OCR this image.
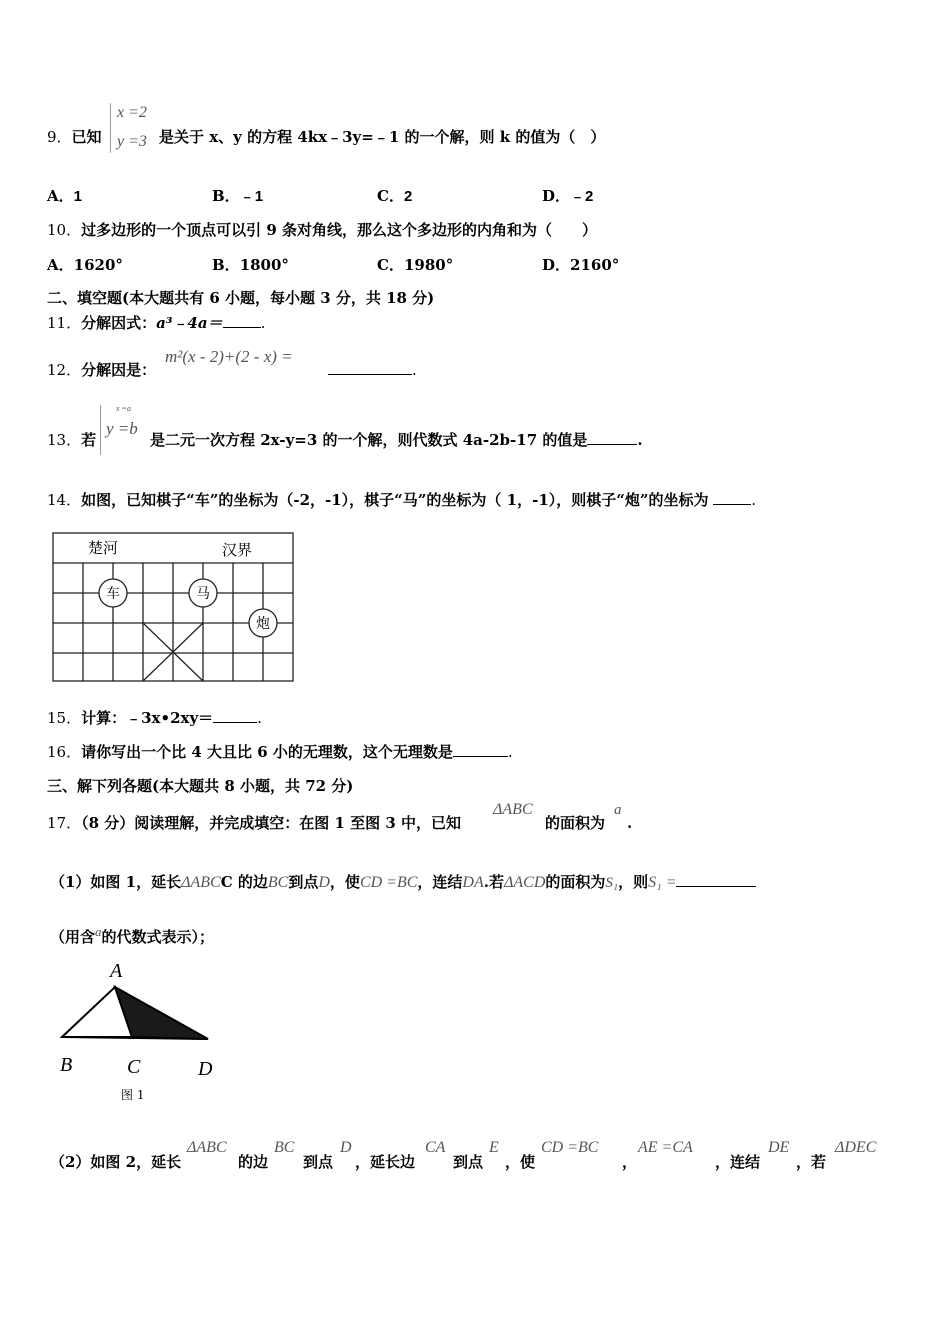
x =2
y =3
9．已知	是关于 x、y 的方程 4kx﹣3y=﹣1 的一个解，则 k 的值为（　）
A．1	B．﹣1	C．2	D．﹣2
10．过多边形的一个顶点可以引 9 条对角线，那么这个多边形的内角和为（　　）
A．1620°	B．1800°	C．1980°	D．2160°
二、填空题(本大题共有 6 小题，每小题 3 分，共 18 分)
11．分解因式：a³﹣4a＝	.
12．分解因是：
m²(x - 2)+(2 - x) =
.
x =a
y =b
13．若	是二元一次方程 2x-y=3 的一个解，则代数式 4a-2b-17 的值是	.
14．如图，已知棋子“车”的坐标为（-2，-1），棋子“马”的坐标为（ 1，-1），则棋子“炮”的坐标为	.
楚河	汉界
车	马
炮
15．计算：﹣3x•2xy＝	.
16．请你写出一个比 4 大且比 6 小的无理数，这个无理数是	.
三、解下列各题(本大题共 8 小题，共 72 分)
17．（8 分）阅读理解，并完成填空：在图 1 至图 3 中，已知
ΔABC
的面积为
a
.
（1）如图 1，延长ΔABCC 的边BC到点D，使CD =BC，连结DA.若ΔACD的面积为S₁，则S₁ =
（用含a的代数式表示）；
A
B	C	D
图 1
（2）如图 2，延长
ΔABC
的边
BC
到点
D
，延长边
CA
到点
E
，使
CD =BC
，
AE =CA
，连结
DE
，若
ΔDEC
